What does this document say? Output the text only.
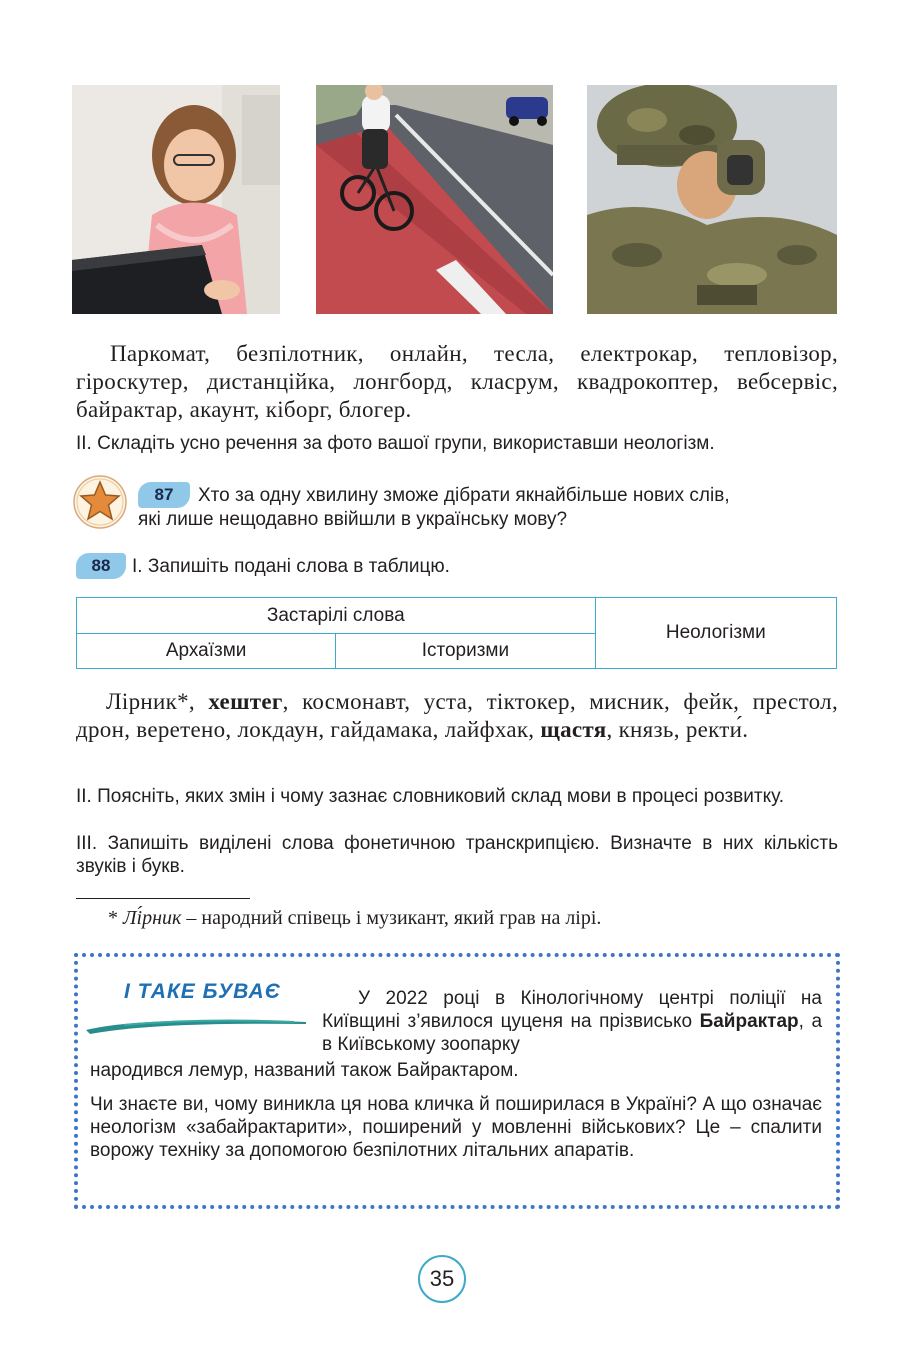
Паркомат, безпілотник, онлайн, тесла, електрокар, тепловізор, гіроскутер, дистанційка, лонгборд, класрум, квадрокоптер, вебсервіс, байрактар, акаунт, кіборг, блогер.
ІІ. Складіть усно речення за фото вашої групи, використавши неологізм.
87	Хто за одну хвилину зможе дібрати якнайбільше нових слів,
які лише нещодавно ввійшли в українську мову?
88	І. Запишіть подані слова в таблицю.
Застарілі слова		Неологізми
Архаїзми	Історизми	
Лірник*, хештег, космонавт, уста, тіктокер, мисник, фейк, престол, дрон, веретено, локдаун, гайдамака, лайфхак, щастя, князь, ректи́.
ІІ. Поясніть, яких змін і чому зазнає словниковий склад мови в процесі розвитку.
ІІІ. Запишіть виділені слова фонетичною транскрипцією. Визначте в них кількість звуків і букв.
* Лі́рник – народний співець і музикант, який грав на лірі.
І ТАКЕ БУВАЄ	У 2022 році в Кінологічному центрі поліції на Київщині з’явилося цуценя на прізвисько Байрактар, а в Київському зоопарку
народився лемур, названий також Байрактаром.
Чи знаєте ви, чому виникла ця нова кличка й поширилася в Україні? А що означає неологізм «забайрактарити», поширений у мовленні військових? Це – спалити ворожу техніку за допомогою безпілотних літальних апаратів.
35
